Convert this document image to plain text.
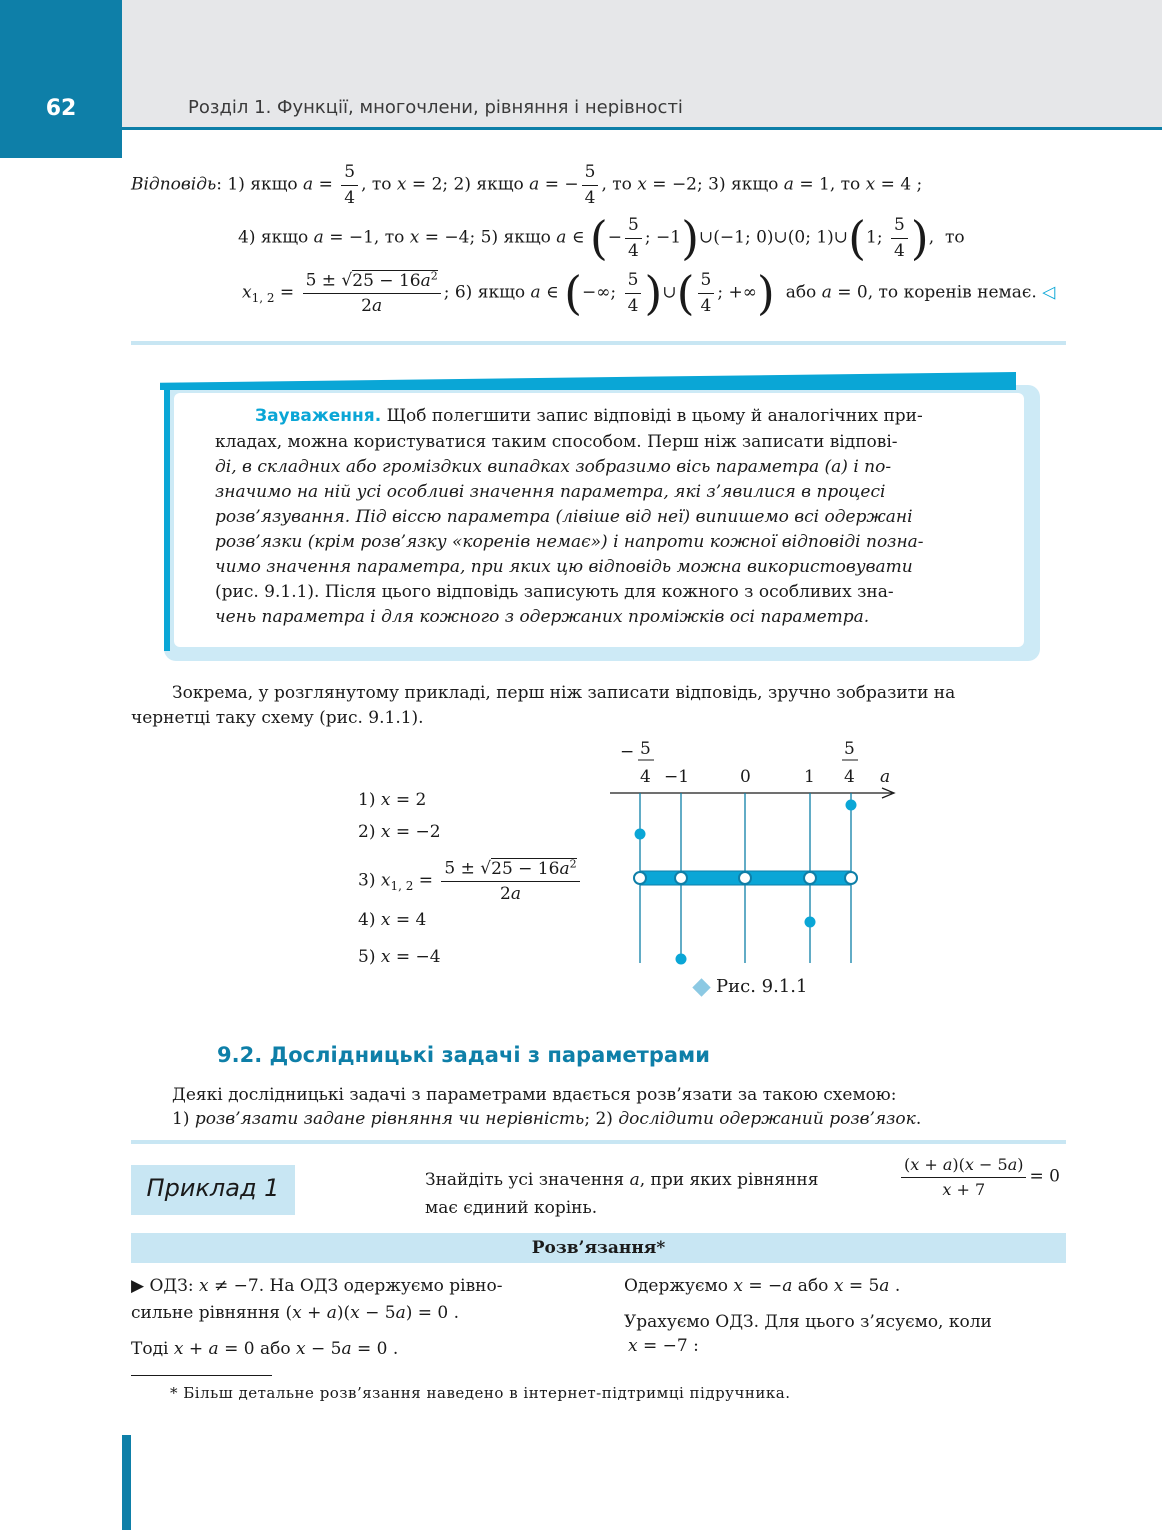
62	Розділ 1. Функції, многочлени, рівняння і нерівності
Відповідь: 1) якщо $a = \frac{5}{4}$ , то x = 2; 2) якщо a = − $\frac{5}{4}$ , то x = −2; 3) якщо a = 1, то x = 4 ;
4) якщо a = −1, то x = −4; 5) якщо a ∈ (− $\frac{5}{4}$ ; −1)∪(−1; 0)∪(0; 1)∪(1; $\frac{5}{4}$ ),  то
$x_{1, 2} = \frac{5 \pm √25 - 16a^2}{2a}$ ; 6) якщо a ∈ (−∞; $\frac{5}{4}$ )∪( $\frac{5}{4}$ ; +∞) або a = 0, то коренів немає. ◁
Зауваження. Щоб полегшити запис відповіді в цьому й аналогічних при-
кладах, можна користуватися таким способом. Перш ніж записати відпові-
ді, в складних або громіздких випадках зобразимо вісь параметра (a) і по-
значимо на ній усі особливі значення параметра, які з’явилися в процесі
розв’язування. Під віссю параметра (лівіше від неї) випишемо всі одержані
розв’язки (крім розв’язку «коренів немає») і напроти кожної відповіді позна-
чимо значення параметра, при яких цю відповідь можна використовувати
(рис. 9.1.1). Після цього відповідь записують для кожного з особливих зна-
чень параметра і для кожного з одержаних проміжків осі параметра.
Зокрема, у розглянутому прикладі, перш ніж записати відповідь, зручно зобразити на
чернетці таку схему (рис. 9.1.1).
1) x = 2
2) x = −2
3) $x_{1, 2} = \frac{5 \pm √25 - 16a^2}{2a}$
4) x = 4
5) x = −4
− 5
4 −1	0	1
5
4 a
Рис. 9.1.1
9.2. Дослідницькі задачі з параметрами
Деякі дослідницькі задачі з параметрами вдається розв’язати за такою схемою:
1) розв’язати задане рівняння чи нерівність; 2) дослідити одержаний розв’язок.
Приклад 1	Знайдіть усі значення a, при яких рівняння	$\frac{(x + a)(x - 5a)}{x + 7} = 0$
має єдиний корінь.
Розв’язання*
▶ ОДЗ: x ≠ −7. На ОДЗ одержуємо рівно-
сильне рівняння (x + a)(x − 5a) = 0 .
Тоді x + a = 0 або x − 5a = 0 .
Одержуємо x = −a або x = 5a .
Урахуємо ОДЗ. Для цього з’ясуємо, коли
x = −7 :
* Більш детальне розв’язання наведено в інтернет-підтримці підручника.
